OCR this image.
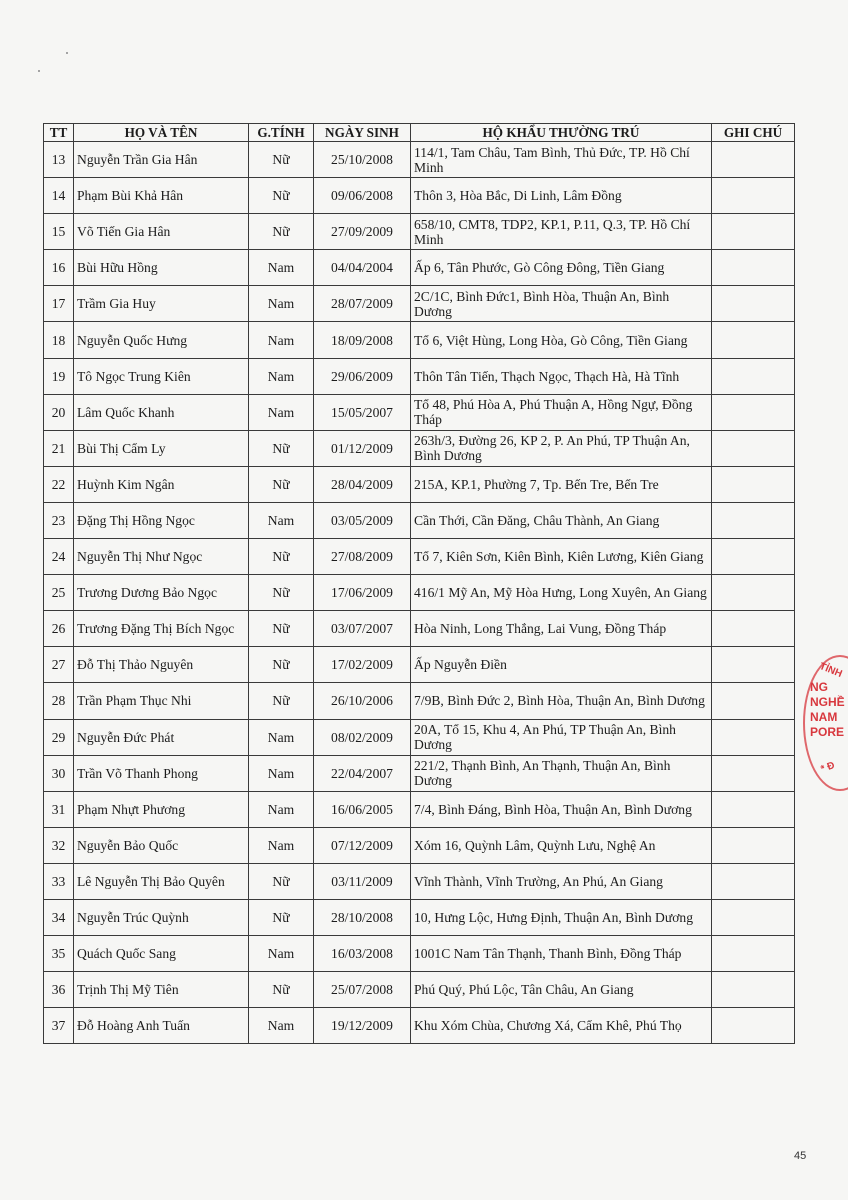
TT	HỌ VÀ TÊN	G.TÍNH	NGÀY SINH	HỘ KHẨU THƯỜNG TRÚ	GHI CHÚ
13	Nguyễn Trần Gia Hân	Nữ	25/10/2008	114/1, Tam Châu, Tam Bình, Thủ Đức, TP. Hồ Chí Minh	
14	Phạm Bùi Khả Hân	Nữ	09/06/2008	Thôn 3, Hòa Bắc, Di Linh, Lâm Đồng	
15	Võ Tiến Gia Hân	Nữ	27/09/2009	658/10, CMT8, TDP2, KP.1, P.11, Q.3, TP. Hồ Chí Minh	
16	Bùi Hữu Hồng	Nam	04/04/2004	Ấp 6, Tân Phước, Gò Công Đông, Tiền Giang	
17	Trầm Gia Huy	Nam	28/07/2009	2C/1C, Bình Đức1, Bình Hòa, Thuận An, Bình Dương	
18	Nguyễn Quốc Hưng	Nam	18/09/2008	Tổ 6, Việt Hùng, Long Hòa, Gò Công, Tiền Giang	
19	Tô Ngọc Trung Kiên	Nam	29/06/2009	Thôn Tân Tiến, Thạch Ngọc, Thạch Hà, Hà Tĩnh	
20	Lâm Quốc Khanh	Nam	15/05/2007	Tổ 48, Phú Hòa A, Phú Thuận A, Hồng Ngự, Đồng Tháp	
21	Bùi Thị Cẩm Ly	Nữ	01/12/2009	263h/3, Đường 26, KP 2, P. An Phú, TP Thuận An, Bình Dương	
22	Huỳnh Kim Ngân	Nữ	28/04/2009	215A, KP.1, Phường 7, Tp. Bến Tre, Bến Tre	
23	Đặng Thị Hồng Ngọc	Nam	03/05/2009	Cần Thới, Cần Đăng, Châu Thành, An Giang	
24	Nguyễn Thị Như Ngọc	Nữ	27/08/2009	Tổ 7, Kiên Sơn, Kiên Bình, Kiên Lương, Kiên Giang	
25	Trương Dương Bảo Ngọc	Nữ	17/06/2009	416/1 Mỹ An, Mỹ Hòa Hưng, Long Xuyên, An Giang	
26	Trương Đặng Thị Bích Ngọc	Nữ	03/07/2007	Hòa Ninh, Long Thắng, Lai Vung, Đồng Tháp	
27	Đỗ Thị Thảo Nguyên	Nữ	17/02/2009	Ấp Nguyễn Điền	
28	Trần Phạm Thục Nhi	Nữ	26/10/2006	7/9B, Bình Đức 2, Bình Hòa, Thuận An, Bình Dương	
29	Nguyễn Đức Phát	Nam	08/02/2009	20A, Tổ 15, Khu 4, An Phú, TP Thuận An, Bình Dương	
30	Trần Võ Thanh Phong	Nam	22/04/2007	221/2, Thạnh Bình, An Thạnh, Thuận An, Bình Dương	
31	Phạm Nhựt Phương	Nam	16/06/2005	7/4, Bình Đáng, Bình Hòa, Thuận An, Bình Dương	
32	Nguyễn Bảo Quốc	Nam	07/12/2009	Xóm 16, Quỳnh Lâm, Quỳnh Lưu, Nghệ An	
33	Lê Nguyễn Thị Bảo Quyên	Nữ	03/11/2009	Vĩnh Thành, Vĩnh Trường, An Phú, An Giang	
34	Nguyễn Trúc Quỳnh	Nữ	28/10/2008	10, Hưng Lộc, Hưng Định, Thuận An, Bình Dương	
35	Quách Quốc Sang	Nam	16/03/2008	1001C Nam Tân Thạnh, Thanh Bình, Đồng Tháp	
36	Trịnh Thị Mỹ Tiên	Nữ	25/07/2008	Phú Quý, Phú Lộc, Tân Châu, An Giang	
37	Đỗ Hoàng Anh Tuấn	Nam	19/12/2009	Khu Xóm Chùa, Chương Xá, Cẩm Khê, Phú Thọ	
TỈNH
NG
NGHỀ
NAM
PORE
* Đ
45
